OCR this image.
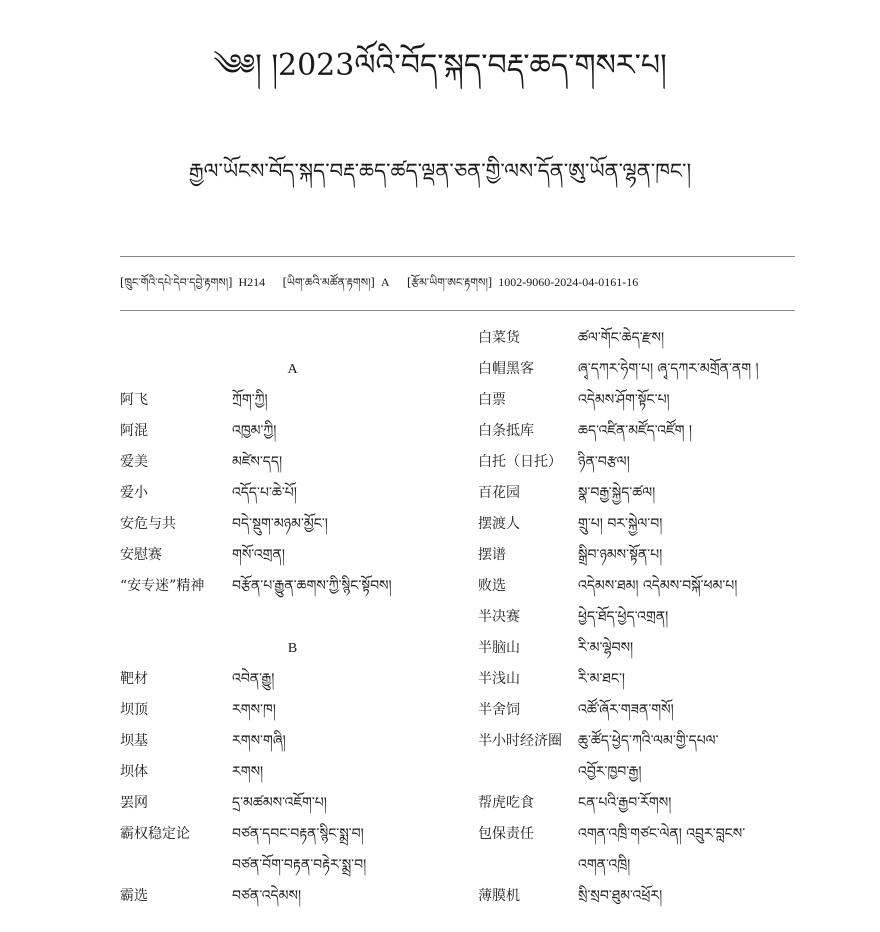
༄༅། །2023ལོའི་བོད་སྐད་བརྡ་ཆད་གསར་པ།
རྒྱལ་ཡོངས་བོད་སྐད་བརྡ་ཆད་ཚད་ལྡན་ཅན་གྱི་ལས་དོན་ཨུ་ཡོན་ལྷན་ཁང་།
[ཁྲུང་གོའི་དཔེ་དེབ་དབྱེ་རྟགས།] H214 [ཡིག་ཆའི་མཚོན་རྟགས།] A [རྩོམ་ཡིག་ཨང་རྟགས།] 1002-9060-2024-04-0161-16
A
阿飞	ཀྲོག་ཀྱི།
阿混	འཁྱམ་ཀྱི།
爱美	མཛེས་དད།
爱小	འདོད་པ་ཆེ་པོ།
安危与共	བདེ་སྡུག་མཉམ་མྱོང་།
安慰赛	གསོ་འགྲན།
“安专迷”精神	བརྩོན་པ་རྒྱུན་ཆགས་ཀྱི་སྙིང་སྟོབས།
B
靶材	འབེན་རྒྱུ།
坝顶	རགས་ཁ།
坝基	རགས་གཞི།
坝体	རགས།
罢网	དྲ་མཚམས་འཇོག་པ།
霸权稳定论	བཙན་དབང་བརྟན་སྙིང་སྨྲ་བ།
བཙན་བོག་བརྟན་བརྟེར་སྨྲ་བ།
霸选	བཙན་འདེམས།
白菜货	ཚལ་གོང་ཆེད་རྫས།
白帽黑客	ཞྭ་དཀར་ཧེག་པ། ཞྭ་དཀར་མགྲོན་ནག །
白票	འདེམས་ཤོག་སྟོང་པ།
白条抵库	ཆད་འཛིན་མཛོད་འཛོག །
白托（日托）	ཉིན་བརྩལ།
百花园	སྣ་བརྒྱ་སྐྱེད་ཚལ།
摆渡人	གྲུ་པ། བར་སྐྱེལ་བ།
摆谱	སྒྲིབ་ཉམས་སྟོན་པ།
败选	འདེམས་ཐམ། འདེམས་བསྐོ་ཕམ་པ།
半决赛	ཕྱེད་ཐོད་ཕྱེད་འགྲན།
半脑山	རི་མ་ལྷེབས།
半浅山	རི་མ་ཐང་།
半舍饲	འཚོ་ཞོར་གཟན་གསོ།
半小时经济圈	ཆུ་ཚོད་ཕྱེད་ཀའི་ལམ་གྱི་དཔལ་
འབྱོར་ཁྱབ་རྒྱ།
帮虎吃食	ངན་པའི་རྒྱབ་རོགས།
包保责任	འགན་འཁྲི་གཙང་ལེན། འབྲུར་བླངས་
འགན་འཁྲི།
薄膜机	སྲི་སྲབ་ཐུམ་འཕྲོར།
